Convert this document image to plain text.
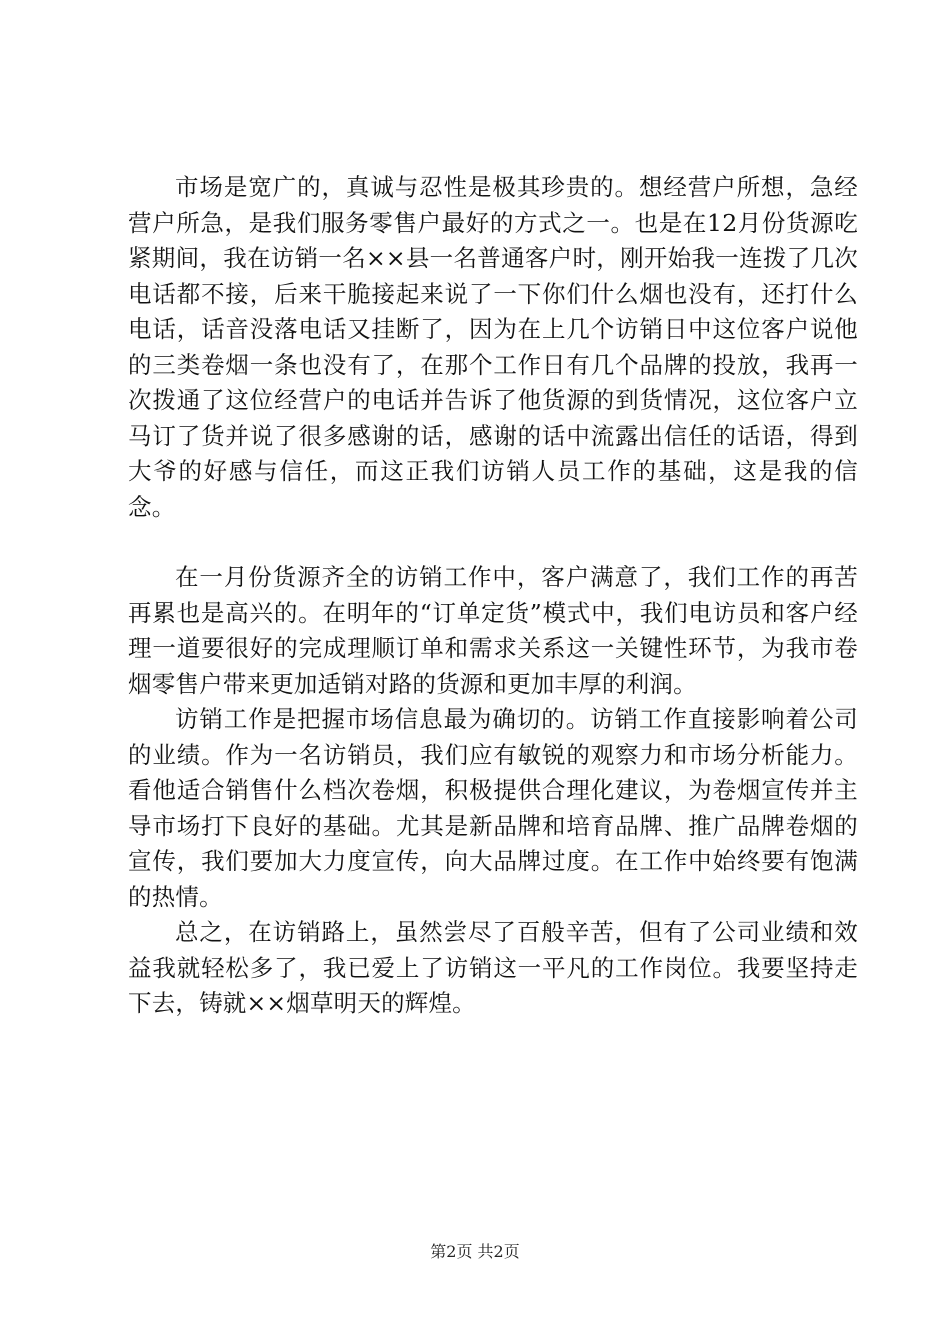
市场是宽广的，真诚与忍性是极其珍贵的。想经营户所想，急经营户所急，是我们服务零售户最好的方式之一。也是在12月份货源吃紧期间，我在访销一名××县一名普通客户时，刚开始我一连拨了几次电话都不接，后来干脆接起来说了一下你们什么烟也没有，还打什么电话，话音没落电话又挂断了，因为在上几个访销日中这位客户说他的三类卷烟一条也没有了，在那个工作日有几个品牌的投放，我再一次拨通了这位经营户的电话并告诉了他货源的到货情况，这位客户立马订了货并说了很多感谢的话，感谢的话中流露出信任的话语，得到大爷的好感与信任，而这正我们访销人员工作的基础，这是我的信念。

在一月份货源齐全的访销工作中，客户满意了，我们工作的再苦再累也是高兴的。在明年的“订单定货”模式中，我们电访员和客户经理一道要很好的完成理顺订单和需求关系这一关键性环节，为我市卷烟零售户带来更加适销对路的货源和更加丰厚的利润。

访销工作是把握市场信息最为确切的。访销工作直接影响着公司的业绩。作为一名访销员，我们应有敏锐的观察力和市场分析能力。看他适合销售什么档次卷烟，积极提供合理化建议，为卷烟宣传并主导市场打下良好的基础。尤其是新品牌和培育品牌、推广品牌卷烟的宣传，我们要加大力度宣传，向大品牌过度。在工作中始终要有饱满的热情。

总之，在访销路上，虽然尝尽了百般辛苦，但有了公司业绩和效益我就轻松多了，我已爱上了访销这一平凡的工作岗位。我要坚持走下去，铸就××烟草明天的辉煌。

第2页 共2页
